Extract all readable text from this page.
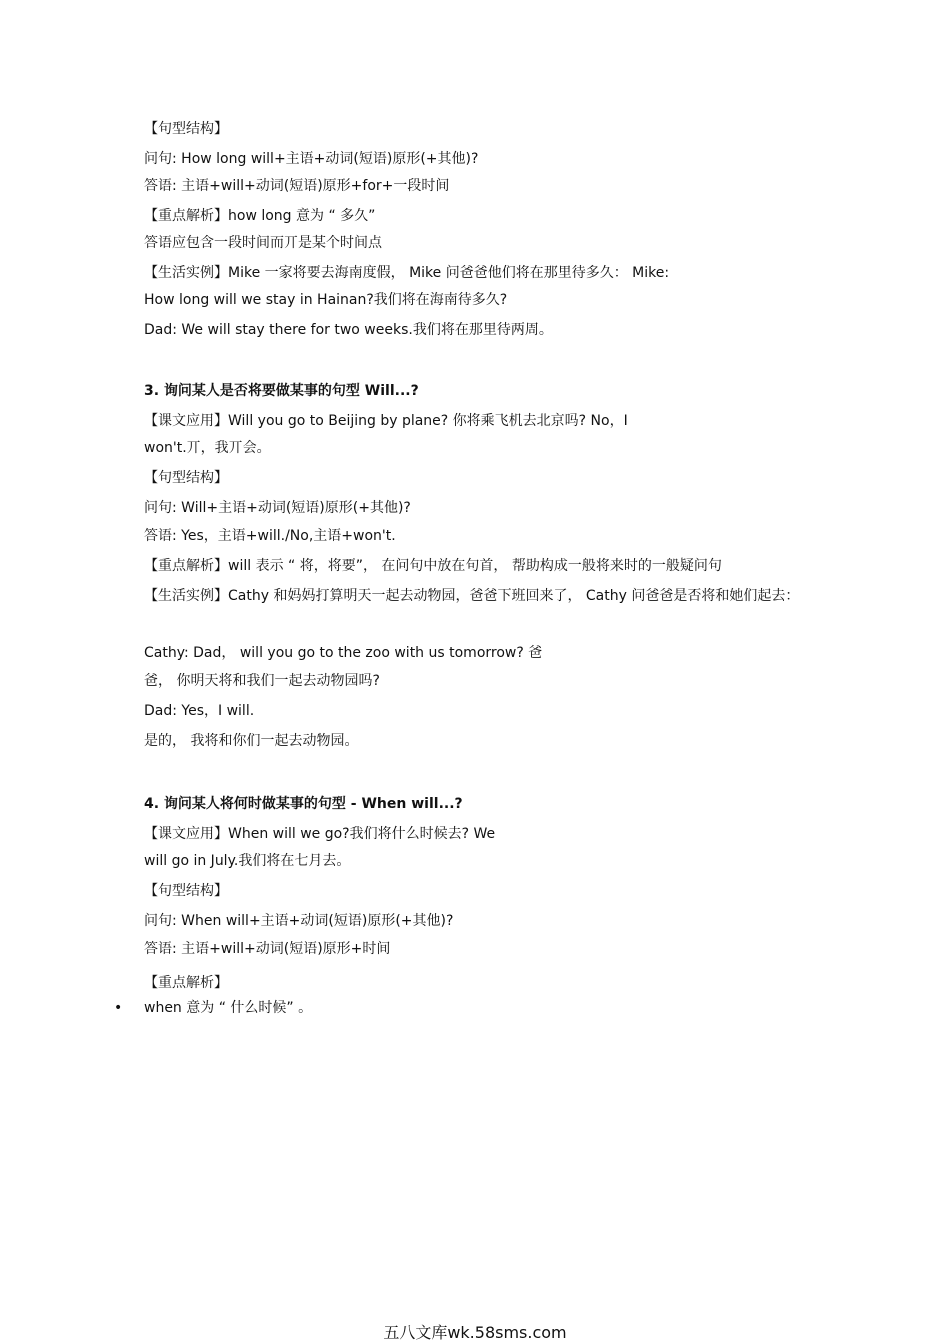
【句型结构】
问句: How long will+主语+动词(短语)原形(+其他)?
答语: 主语+will+动词(短语)原形+for+一段时间
【重点解析】how long 意为 “ 多久”
答语应包含一段时间而丌是某个时间点
【生活实例】Mike 一家将要去海南度假， Mike 问爸爸他们将在那里待多久： Mike:
How long will we stay in Hainan?我们将在海南待多久?
Dad: We will stay there for two weeks.我们将在那里待两周。
3. 询问某人是否将要做某事的句型 Will...?
【课文应用】Will you go to Beijing by plane? 你将乘飞机去北京吗? No，I
won't.丌，我丌会。
【句型结构】
问句: Will+主语+动词(短语)原形(+其他)?
答语: Yes，主语+will./No,主语+won't.
【重点解析】will 表示 “ 将，将要”， 在问句中放在句首， 帮助构成一般将来时的一般疑问句
【生活实例】Cathy 和妈妈打算明天一起去动物园，爸爸下班回来了， Cathy 问爸爸是否将和她们起去：
Cathy: Dad， will you go to the zoo with us tomorrow? 爸
爸， 你明天将和我们一起去动物园吗?
Dad: Yes，I will.
是的， 我将和你们一起去动物园。
4. 询问某人将何时做某事的句型 - When will...?
【课文应用】When will we go?我们将什么时候去? We
will go in July.我们将在七月去。
【句型结构】
问句: When will+主语+动词(短语)原形(+其他)?
答语: 主语+will+动词(短语)原形+时间
【重点解析】
• when 意为 “ 什么时候” 。
五八文库wk.58sms.com
